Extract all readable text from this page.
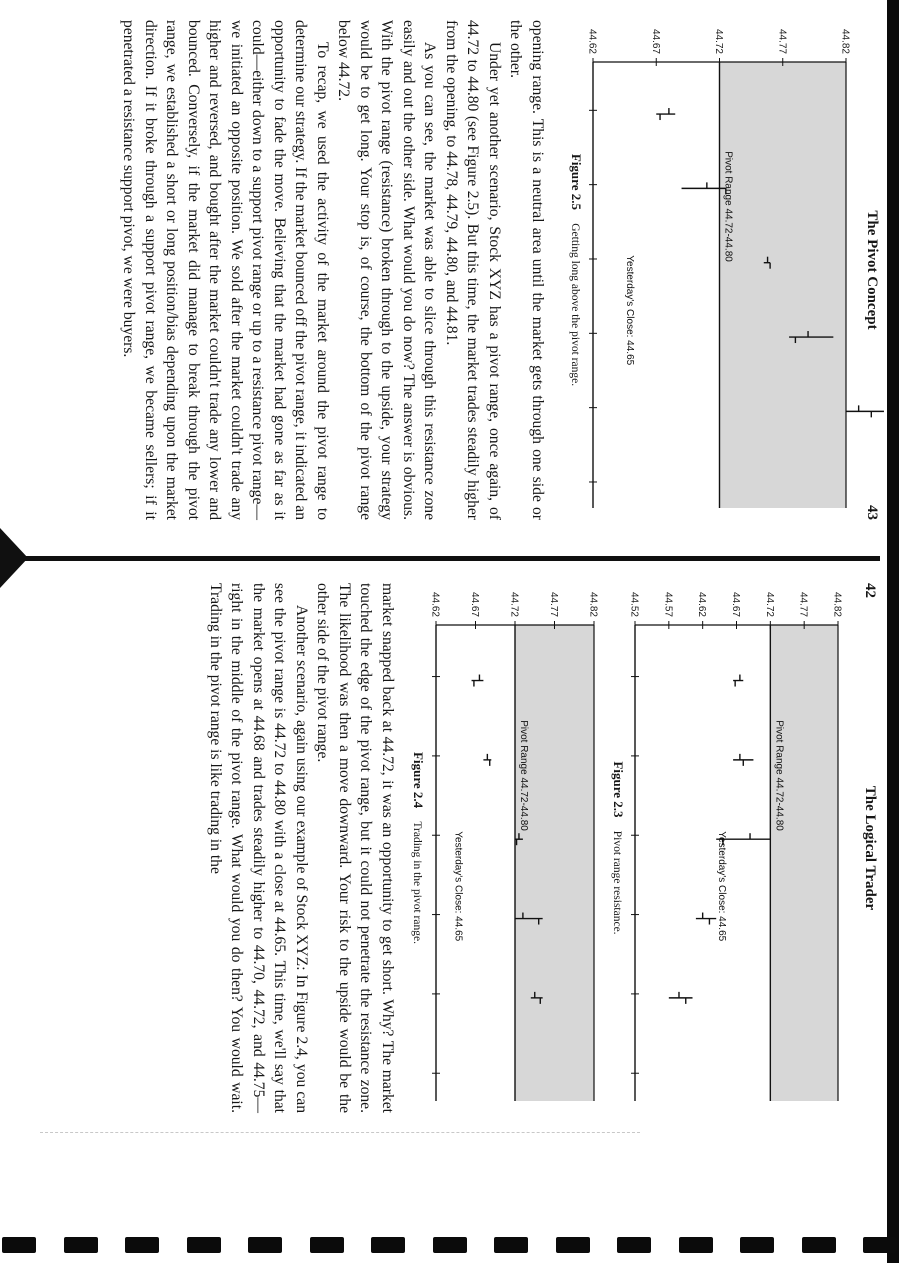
42
The Logical Trader
44.82
44.77
44.72
44.67
44.62
44.57
44.52
Pivot Range 44.72-44.80
Yesterday's Close: 44.65
Figure 2.3 Pivot range resistance.
44.82
44.77
44.72
44.67
44.62
Pivot Range 44.72-44.80
Yesterday's Close: 44.65
Figure 2.4 Trading in the pivot range.

market snapped back at 44.72, it was an opportunity to get short. Why? The market touched the edge of the pivot range, but it could not penetrate the resistance zone. The likelihood was then a move downward. Your risk to the upside would be the other side of the pivot range.

Another scenario, again using our example of Stock XYZ: In Figure 2.4, you can see the pivot range is 44.72 to 44.80 with a close at 44.65. This time, we'll say that the market opens at 44.68 and trades steadily higher to 44.70, 44.72, and 44.75—right in the middle of the pivot range. What would you do then? You would wait. Trading in the pivot range is like trading in the

The Pivot Concept
43
44.82
44.77
44.72
44.67
44.62
Pivot Range 44.72-44.80
Yesterday's Close: 44.65
Figure 2.5 Getting long above the pivot range.

opening range. This is a neutral area until the market gets through one side or the other.

Under yet another scenario, Stock XYZ has a pivot range, once again, of 44.72 to 44.80 (see Figure 2.5). But this time, the market trades steadily higher from the opening, to 44.78, 44.79, 44.80, and 44.81.

As you can see, the market was able to slice through this resistance zone easily and out the other side. What would you do now? The answer is obvious. With the pivot range (resistance) broken through to the upside, your strategy would be to get long. Your stop is, of course, the bottom of the pivot range below 44.72.

To recap, we used the activity of the market around the pivot range to determine our strategy. If the market bounced off the pivot range, it indicated an opportunity to fade the move. Believing that the market had gone as far as it could—either down to a support pivot range or up to a resistance pivot range—we initiated an opposite position. We sold after the market couldn't trade any higher and reversed, and bought after the market couldn't trade any lower and bounced. Conversely, if the market did manage to break through the pivot range, we established a short or long position/bias depending upon the market direction. If it broke through a support pivot range, we became sellers; if it penetrated a resistance support pivot, we were buyers.
